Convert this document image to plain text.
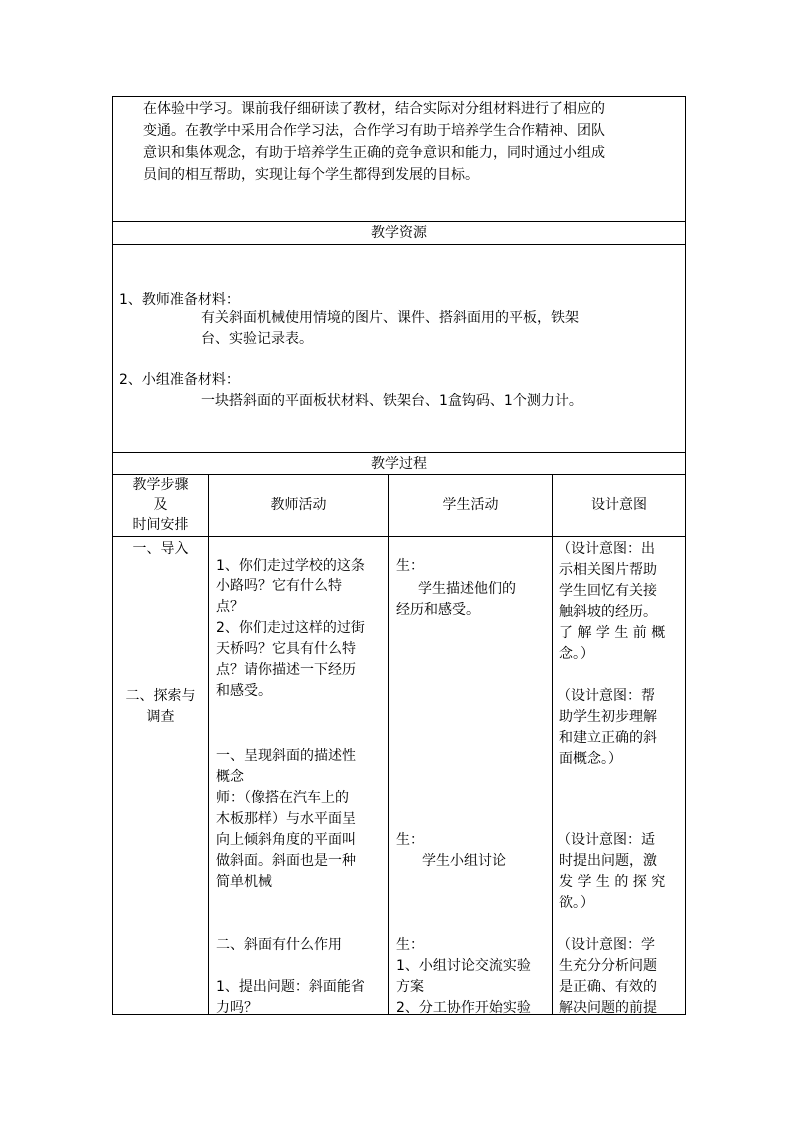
在体验中学习。课前我仔细研读了教材，结合实际对分组材料进行了相应的
变通。在教学中采用合作学习法，合作学习有助于培养学生合作精神、团队
意识和集体观念，有助于培养学生正确的竞争意识和能力，同时通过小组成
员间的相互帮助，实现让每个学生都得到发展的目标。
教学资源
1、教师准备材料：
有关斜面机械使用情境的图片、课件、搭斜面用的平板，铁架
台、实验记录表。
2、小组准备材料：
一块搭斜面的平面板状材料、铁架台、1盒钩码、1个测力计。
教学过程
教学步骤
及
时间安排
教师活动	学生活动	设计意图
一、导入
二、探索与
调查
1、你们走过学校的这条
小路吗？它有什么特
点？
2、你们走过这样的过街
天桥吗？它具有什么特
点？请你描述一下经历
和感受。
一、呈现斜面的描述性
概念
师：（像搭在汽车上的
木板那样）与水平面呈
向上倾斜角度的平面叫
做斜面。斜面也是一种
简单机械
二、斜面有什么作用
1、提出问题：斜面能省
力吗？
生：
学生描述他们的
经历和感受。
生：
学生小组讨论
生：
1、小组讨论交流实验
方案
2、分工协作开始实验
（设计意图：出
示相关图片帮助
学生回忆有关接
触斜坡的经历。
了 解 学 生 前 概
念。）
（设计意图：帮
助学生初步理解
和建立正确的斜
面概念。）
（设计意图：适
时提出问题，激
发 学 生 的 探 究
欲。）
（设计意图：学
生充分分析问题
是正确、有效的
解决问题的前提
